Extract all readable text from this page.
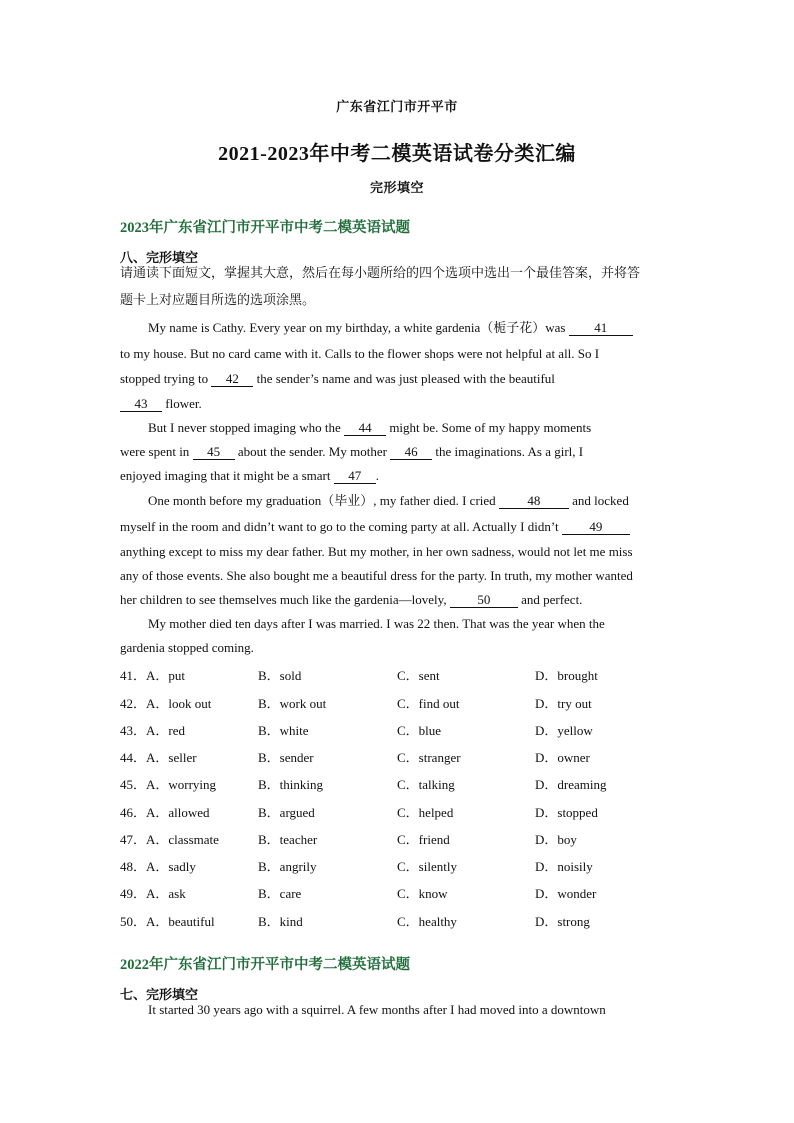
广东省江门市开平市
2021-2023年中考二模英语试卷分类汇编
完形填空
2023年广东省江门市开平市中考二模英语试题
八、完形填空
请通读下面短文，掌握其大意，然后在每小题所给的四个选项中选出一个最佳答案，并将答
题卡上对应题目所选的选项涂黑。
My name is Cathy. Every year on my birthday, a white gardenia（栀子花）was 41
to my house. But no card came with it. Calls to the flower shops were not helpful at all. So I
stopped trying to 42 the sender’s name and was just pleased with the beautiful
43 flower.
But I never stopped imaging who the 44 might be. Some of my happy moments
were spent in 45 about the sender. My mother 46 the imaginations. As a girl, I
enjoyed imaging that it might be a smart 47 .
One month before my graduation（毕业）, my father died. I cried 48 and locked
myself in the room and didn’t want to go to the coming party at all. Actually I didn’t 49
anything except to miss my dear father. But my mother, in her own sadness, would not let me miss
any of those events. She also bought me a beautiful dress for the party. In truth, my mother wanted
her children to see themselves much like the gardenia—lovely, 50 and perfect.
My mother died ten days after I was married. I was 22 then. That was the year when the
gardenia stopped coming.
41．A．put	B．sold	C．sent	D．brought
42．A．look out	B．work out	C．find out	D．try out
43．A．red	B．white	C．blue	D．yellow
44．A．seller	B．sender	C．stranger	D．owner
45．A．worrying	B．thinking	C．talking	D．dreaming
46．A．allowed	B．argued	C．helped	D．stopped
47．A．classmate	B．teacher	C．friend	D．boy
48．A．sadly	B．angrily	C．silently	D．noisily
49．A．ask	B．care	C．know	D．wonder
50．A．beautiful	B．kind	C．healthy	D．strong
2022年广东省江门市开平市中考二模英语试题
七、完形填空
It started 30 years ago with a squirrel. A few months after I had moved into a downtown
